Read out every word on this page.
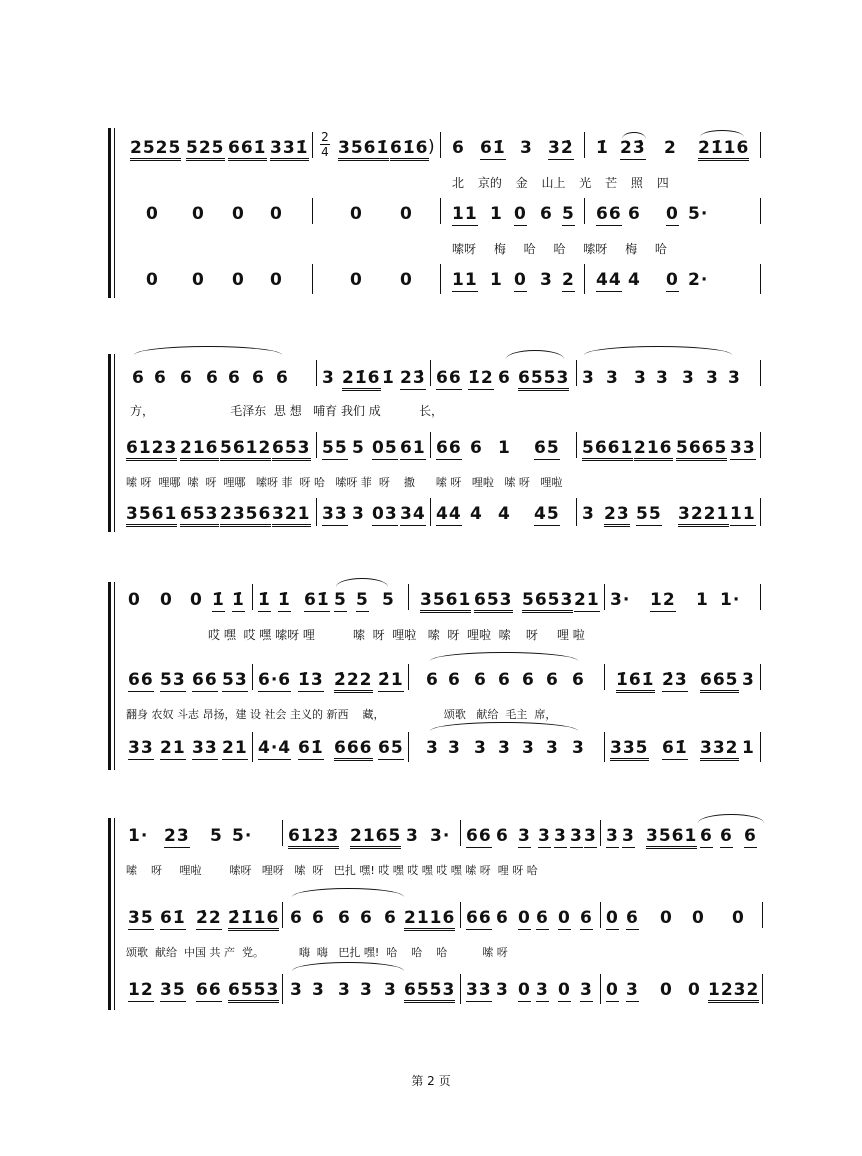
2525 525 661̇ 331̇
2
4 3561̇ 61̇6 ) 6 61̇ 3 32̇ 1̇ 23̇ 2 21̇16
北 京的 金 山上 光 芒 照 四
0 0 0 0	0 0 11 1 0 6 5 66 6 0 5·
嗦呀 梅 哈 哈 嗦呀 梅 哈
0 0 0 0	0 0 11 1 0 3 2 44 4 0 2·
6 6 6 6 6 6 6 3 21̇6 1̇ 23̇ 66 1̇2 6 6553 3 3 3 3 3 3 3
方，                    毛泽东  思 想   哺育 我们 成          长，
6123 216 5612 653 55 5 05 61 66 6 1 65 5661 216 5665 33
嗦 呀  哩哪  嗦  呀  哩哪   嗦呀 菲  呀 哈   嗦呀 菲  呀    撒      嗦 呀   哩啦   嗦 呀   哩啦
3561 653 2356 321 33 3 03 34 44 4 4 45 3 23 55 3221 11
0 0 0 1̇ 1̇ 1̇ 1̇ 61̇ 5 5 5 3561 653 5653 21 3· 12 1 1·
哎 嘿  哎 嘿 嗦呀 哩          嗦  呀  哩啦   嗦  呀  哩啦  嗦    呀     哩 啦
66 53 66 53 6·6 1̇3 2̇22 2̇1 6 6 6 6 6 6 6 1̇61̇ 2̇3 665 3
翻身 农奴 斗志 昂扬，建 设 社会 主义的 新西    藏，                 颂歌   献给  毛主  席，
33 21 33 21 4·4 61̇ 666 65 3 3 3 3 3 3 3 335 61̇ 332 1
1· 23 5 5· 6123 2165 3 3· 66 6 3 3 3 3 3 3 3 3561 6 6 6
嗦    呀     哩啦        嗦呀   哩呀   嗦  呀   巴扎 嘿! 哎 嘿 哎 嘿 哎 嘿 嗦 呀  哩 呀 哈
35 61̇ 2̇2 2̇1̇16 6 6 6 6 6 2116 66 6 0 6 0 6 0 6 0 0 0
颂歌  献给  中国 共 产  党。          嗨  嗨   巴扎 嘿!  哈    哈    哈          嗦 呀
12 35 66 6553 3 3 3 3 3 6553 33 3 0 3 0 3 0 3 0 0 1232
第 2 页
